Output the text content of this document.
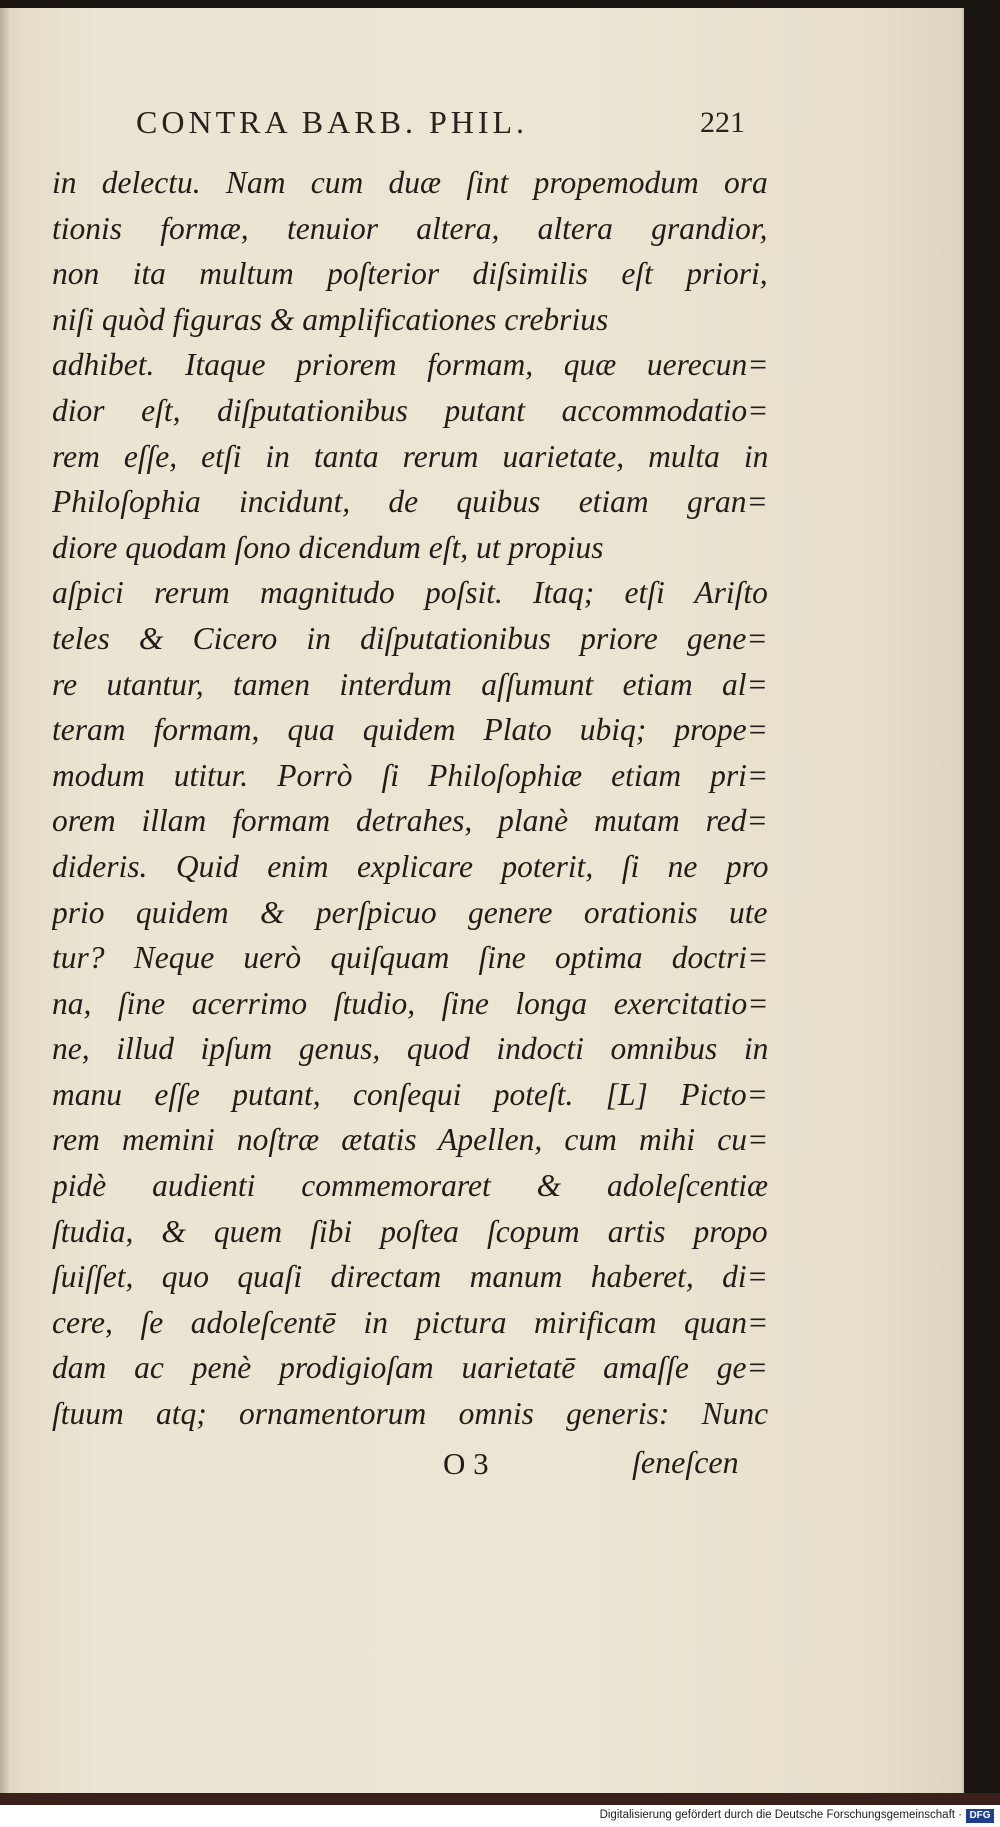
CONTRA BARB. PHIL.	221
in delectu. Nam cum duæ ſint propemodum ora
tionis formæ, tenuior altera, altera grandior,
non ita multum poſterior diſsimilis eſt priori,
niſi quòd figuras & amplificationes crebrius
adhibet. Itaque priorem formam, quæ uerecun=
dior eſt, diſputationibus putant accommodatio=
rem eſſe, etſi in tanta rerum uarietate, multa in
Philoſophia incidunt, de quibus etiam gran=
diore quodam ſono dicendum eſt, ut propius
aſpici rerum magnitudo poſsit. Itaq; etſi Ariſto
teles & Cicero in diſputationibus priore gene=
re utantur, tamen interdum aſſumunt etiam al=
teram formam, qua quidem Plato ubiq; prope=
modum utitur. Porrò ſi Philoſophiæ etiam pri=
orem illam formam detrahes, planè mutam red=
dideris. Quid enim explicare poterit, ſi ne pro
prio quidem & perſpicuo genere orationis ute
tur? Neque uerò quiſquam ſine optima doctri=
na, ſine acerrimo ſtudio, ſine longa exercitatio=
ne, illud ipſum genus, quod indocti omnibus in
manu eſſe putant, conſequi poteſt. [L] Picto=
rem memini noſtræ ætatis Apellen, cum mihi cu=
pidè audienti commemoraret & adoleſcentiæ
ſtudia, & quem ſibi poſtea ſcopum artis propo
ſuiſſet, quo quaſi directam manum haberet, di=
cere, ſe adoleſcentē in pictura mirificam quan=
dam ac penè prodigioſam uarietatē amaſſe ge=
ſtuum atq; ornamentorum omnis generis: Nunc
O 3	ſeneſcen
Digitalisierung gefördert durch die Deutsche Forschungsgemeinschaft · DFG
